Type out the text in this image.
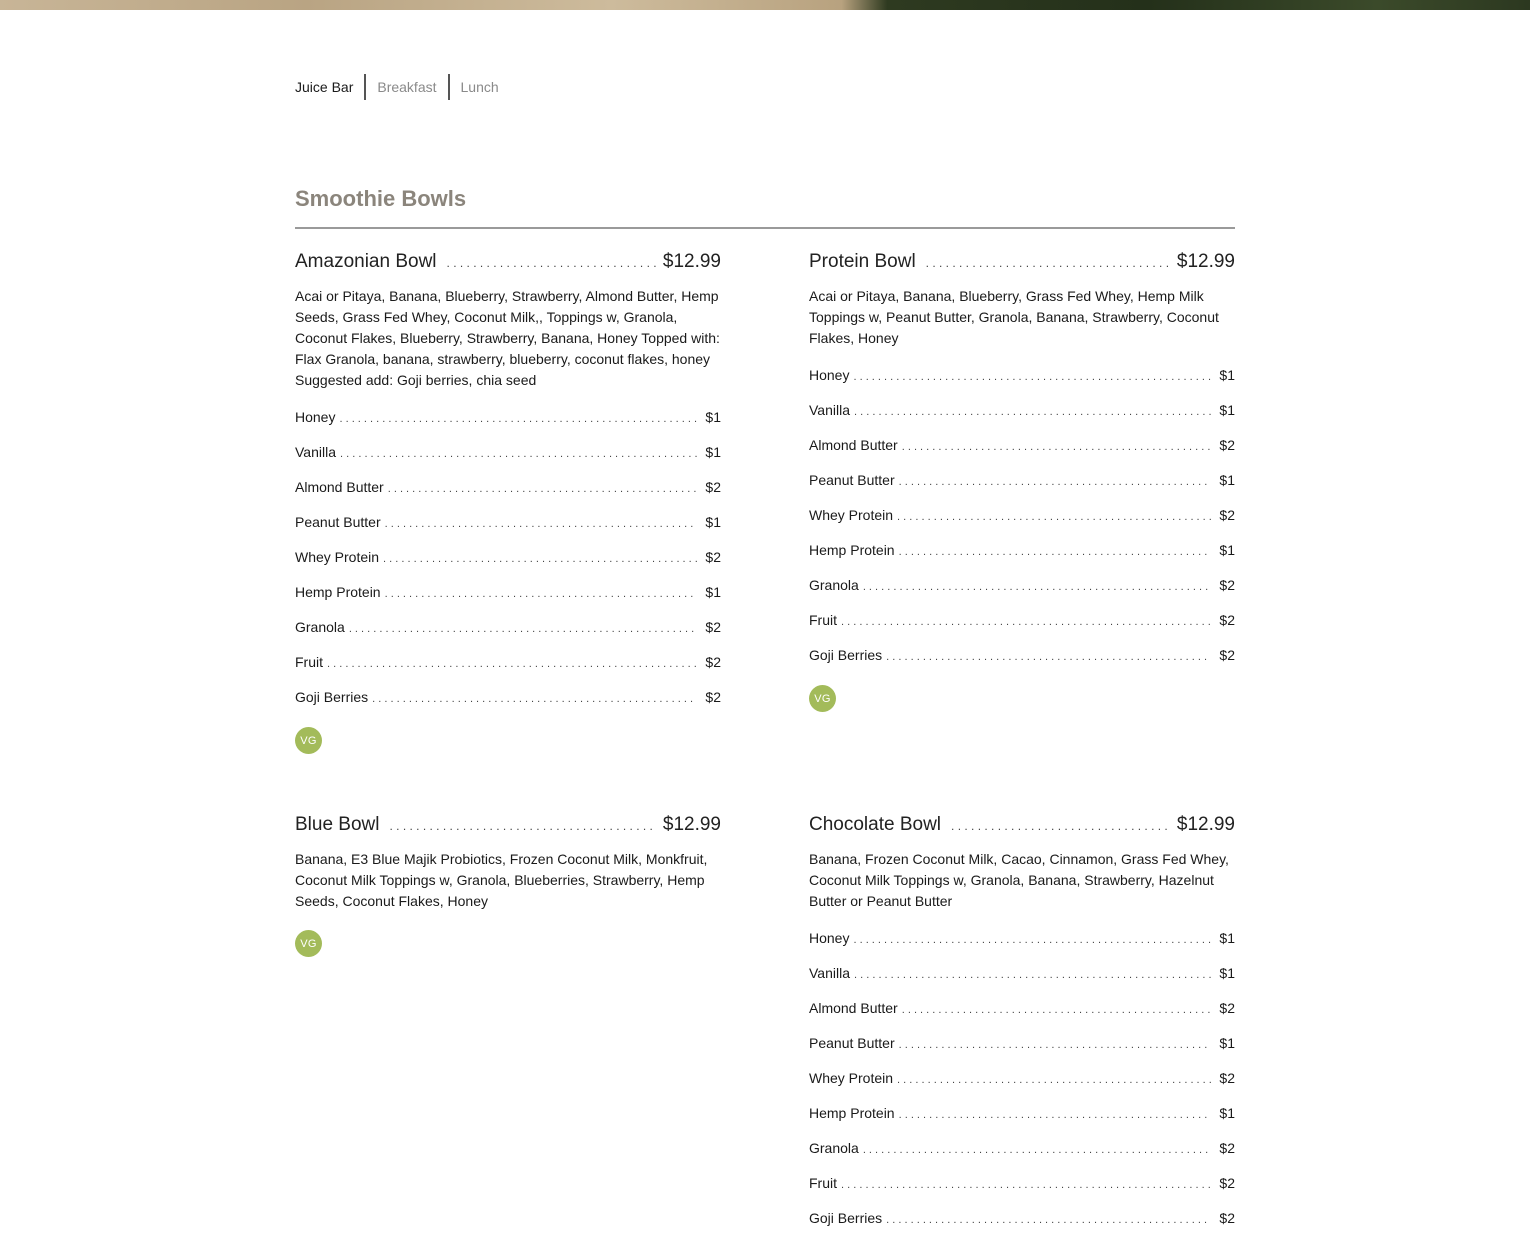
Juice Bar Breakfast Lunch
Smoothie Bowls
Amazonian Bowl . . .	$12.99

Acai or Pitaya, Banana, Blueberry, Strawberry, Almond Butter, Hemp Seeds, Grass Fed Whey, Coconut Milk,, Toppings w, Granola, Coconut Flakes, Blueberry, Strawberry, Banana, Honey Topped with: Flax Granola, banana, strawberry, blueberry, coconut flakes, honey Suggested add: Goji berries, chia seed

Honey . . .	$1
Vanilla . . .	$1
Almond Butter . . .	$2
Peanut Butter . . .	$1
Whey Protein . . .	$2
Hemp Protein . . .	$1
Granola . . .	$2
Fruit . . .	$2
Goji Berries . . .	$2
VG
Protein Bowl . . .	$12.99

Acai or Pitaya, Banana, Blueberry, Grass Fed Whey, Hemp Milk Toppings w, Peanut Butter, Granola, Banana, Strawberry, Coconut Flakes, Honey

Honey . . .	$1
Vanilla . . .	$1
Almond Butter . . .	$2
Peanut Butter . . .	$1
Whey Protein . . .	$2
Hemp Protein . . .	$1
Granola . . .	$2
Fruit . . .	$2
Goji Berries . . .	$2
VG
Blue Bowl . . .	$12.99

Banana, E3 Blue Majik Probiotics, Frozen Coconut Milk, Monkfruit, Coconut Milk Toppings w, Granola, Blueberries, Strawberry, Hemp Seeds, Coconut Flakes, Honey

VG
Chocolate Bowl . . .	$12.99

Banana, Frozen Coconut Milk, Cacao, Cinnamon, Grass Fed Whey, Coconut Milk Toppings w, Granola, Banana, Strawberry, Hazelnut Butter or Peanut Butter

Honey . . .	$1
Vanilla . . .	$1
Almond Butter . . .	$2
Peanut Butter . . .	$1
Whey Protein . . .	$2
Hemp Protein . . .	$1
Granola . . .	$2
Fruit . . .	$2
Goji Berries . . .	$2
